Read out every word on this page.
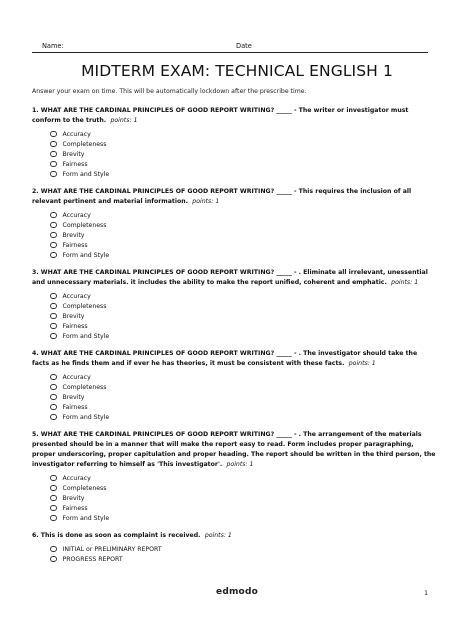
Name:	Date
MIDTERM EXAM: TECHNICAL ENGLISH 1
Answer your exam on time. This will be automatically lockdown after the prescribe time.
1. WHAT ARE THE CARDINAL PRINCIPLES OF GOOD REPORT WRITING? _____ - The writer or investigator must conform to the truth. points: 1
Accuracy
Completeness
Brevity
Fairness
Form and Style
2. WHAT ARE THE CARDINAL PRINCIPLES OF GOOD REPORT WRITING? _____ - This requires the inclusion of all relevant pertinent and material information. points: 1
Accuracy
Completeness
Brevity
Fairness
Form and Style
3. WHAT ARE THE CARDINAL PRINCIPLES OF GOOD REPORT WRITING? _____ - . Eliminate all irrelevant, unessential and unnecessary materials. it includes the ability to make the report unified, coherent and emphatic. points: 1
Accuracy
Completeness
Brevity
Fairness
Form and Style
4. WHAT ARE THE CARDINAL PRINCIPLES OF GOOD REPORT WRITING? _____ - . The investigator should take the facts as he finds them and if ever he has theories, it must be consistent with these facts. points: 1
Accuracy
Completeness
Brevity
Fairness
Form and Style
5. WHAT ARE THE CARDINAL PRINCIPLES OF GOOD REPORT WRITING? _____ - . The arrangement of the materials presented should be in a manner that will make the report easy to read. Form includes proper paragraphing, proper underscoring, proper capitulation and proper heading. The report should be written in the third person, the investigator referring to himself as 'This investigator'. points: 1
Accuracy
Completeness
Brevity
Fairness
Form and Style
6. This is done as soon as complaint is received. points: 1
INITIAL or PRELIMINARY REPORT
PROGRESS REPORT
edmodo	1
